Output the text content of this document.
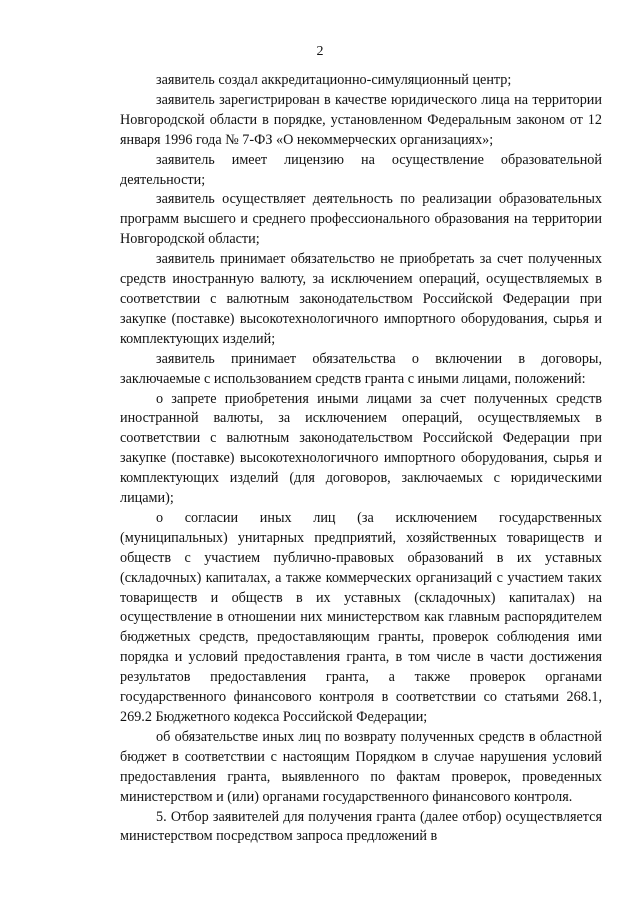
2

заявитель создал аккредитационно-симуляционный центр;

заявитель зарегистрирован в качестве юридического лица на территории Новгородской области в порядке, установленном Федеральным законом от 12 января 1996 года № 7-ФЗ «О некоммерческих организациях»;

заявитель имеет лицензию на осуществление образовательной деятельности;

заявитель осуществляет деятельность по реализации образовательных программ высшего и среднего профессионального образования на территории Новгородской области;

заявитель принимает обязательство не приобретать за счет полученных средств иностранную валюту, за исключением операций, осуществляемых в соответствии с валютным законодательством Российской Федерации при закупке (поставке) высокотехнологичного импортного оборудования, сырья и комплектующих изделий;

заявитель принимает обязательства о включении в договоры, заключаемые с использованием средств гранта с иными лицами, положений:

о запрете приобретения иными лицами за счет полученных средств иностранной валюты, за исключением операций, осуществляемых в соответствии с валютным законодательством Российской Федерации при закупке (поставке) высокотехнологичного импортного оборудования, сырья и комплектующих изделий (для договоров, заключаемых с юридическими лицами);

о согласии иных лиц (за исключением государственных (муниципальных) унитарных предприятий, хозяйственных товариществ и обществ с участием публично-правовых образований в их уставных (складочных) капиталах, а также коммерческих организаций с участием таких товариществ и обществ в их уставных (складочных) капиталах) на осуществление в отношении них министерством как главным распорядителем бюджетных средств, предоставляющим гранты, проверок соблюдения ими порядка и условий предоставления гранта, в том числе в части достижения результатов предоставления гранта, а также проверок органами государственного финансового контроля в соответствии со статьями 268.1, 269.2 Бюджетного кодекса Российской Федерации;

об обязательстве иных лиц по возврату полученных средств в областной бюджет в соответствии с настоящим Порядком в случае нарушения условий предоставления гранта, выявленного по фактам проверок, проведенных министерством и (или) органами государственного финансового контроля.

5. Отбор заявителей для получения гранта (далее отбор) осуществляется министерством посредством запроса предложений в
